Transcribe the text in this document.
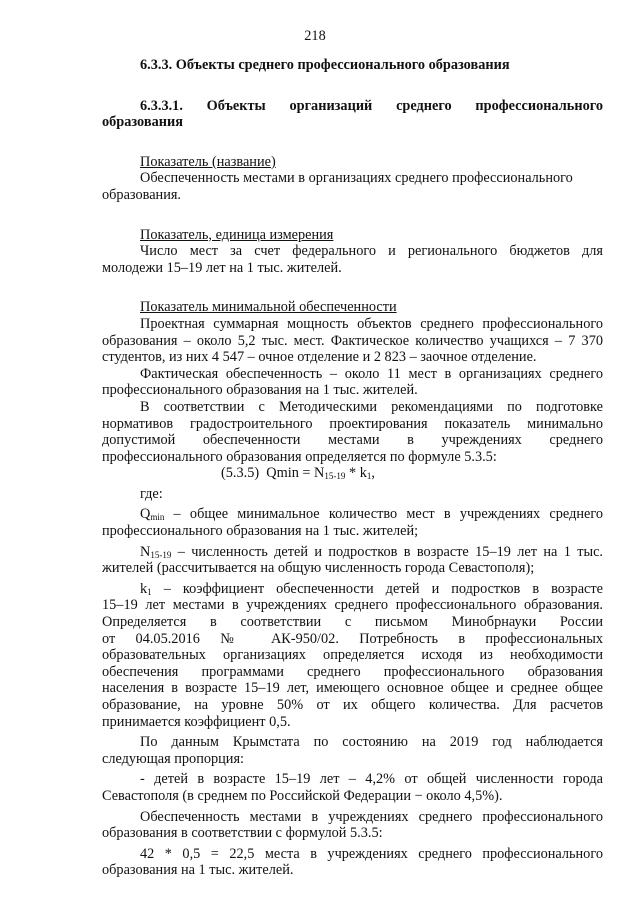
218
6.3.3. Объекты среднего профессионального образования
6.3.3.1. Объекты организаций среднего профессионального
образования
Показатель (название)
Обеспеченность местами в организациях среднего профессионального
образования.
Показатель, единица измерения
Число мест за счет федерального и регионального бюджетов для
молодежи 15–19 лет на 1 тыс. жителей.
Показатель минимальной обеспеченности
Проектная суммарная мощность объектов среднего профессионального
образования – около 5,2 тыс. мест. Фактическое количество учащихся – 7 370
студентов, из них 4 547 – очное отделение и 2 823 – заочное отделение.
Фактическая обеспеченность – около 11 мест в организациях среднего
профессионального образования на 1 тыс. жителей.
В соответствии с Методическими рекомендациями по подготовке
нормативов градостроительного проектирования показатель минимально
допустимой обеспеченности местами в учреждениях среднего
профессионального образования определяется по формуле 5.3.5:
(5.3.5) $Qmin = N_{15-19} * k_1$,
где:
$Q_{min}$ – общее минимальное количество мест в учреждениях среднего
профессионального образования на 1 тыс. жителей;
$N_{15-19}$ – численность детей и подростков в возрасте 15–19 лет на 1 тыс.
жителей (рассчитывается на общую численность города Севастополя);
$k_1$ – коэффициент обеспеченности детей и подростков в возрасте
15–19 лет местами в учреждениях среднего профессионального образования.
Определяется в соответствии с письмом Минобрнауки России
от 04.05.2016 № АК-950/02. Потребность в профессиональных
образовательных организациях определяется исходя из необходимости
обеспечения программами среднего профессионального образования
населения в возрасте 15–19 лет, имеющего основное общее и среднее общее
образование, на уровне 50% от их общего количества. Для расчетов
принимается коэффициент 0,5.
По данным Крымстата по состоянию на 2019 год наблюдается
следующая пропорция:
- детей в возрасте 15–19 лет – 4,2% от общей численности города
Севастополя (в среднем по Российской Федерации − около 4,5%).
Обеспеченность местами в учреждениях среднего профессионального
образования в соответствии с формулой 5.3.5:
42 * 0,5 = 22,5 места в учреждениях среднего профессионального
образования на 1 тыс. жителей.
